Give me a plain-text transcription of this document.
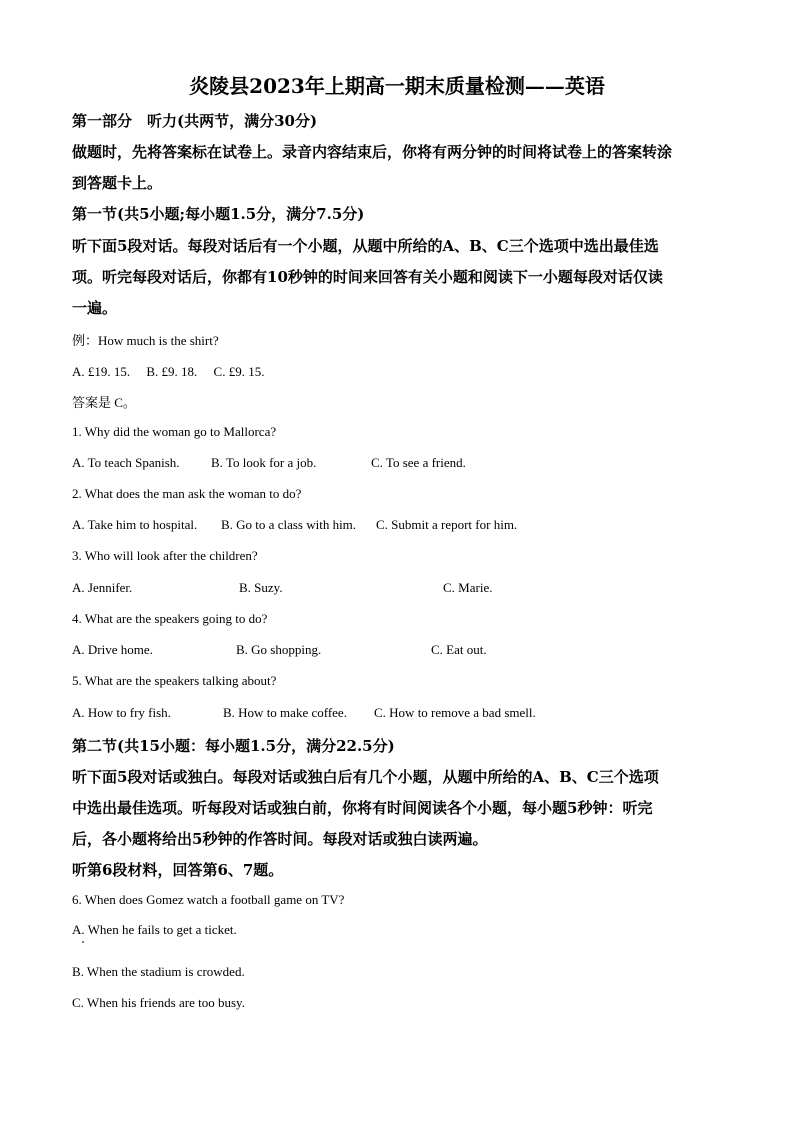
炎陵县2023年上期高一期末质量检测——英语
第一部分　听力(共两节，满分30分)
做题时，先将答案标在试卷上。录音内容结束后，你将有两分钟的时间将试卷上的答案转涂
到答题卡上。
第一节(共5小题;每小题1.5分，满分7.5分)
听下面5段对话。每段对话后有一个小题，从题中所给的A、B、C三个选项中选出最佳选
项。听完每段对话后，你都有10秒钟的时间来回答有关小题和阅读下一小题每段对话仅读
一遍。
例：How much is the shirt?
A. £19. 15.　 B. £9. 18.　 C. £9. 15.
答案是 C。
1. Why did the woman go to Mallorca?
A. To teach Spanish. B. To look for a job.	C. To see a friend.
2. What does the man ask the woman to do?
A. Take him to hospital. B. Go to a class with him. C. Submit a report for him.
3. Who will look after the children?
A. Jennifer.	B. Suzy.	C. Marie.
4. What are the speakers going to do?
A. Drive home.	B. Go shopping.	C. Eat out.
5. What are the speakers talking about?
A. How to fry fish.	B. How to make coffee. C. How to remove a bad smell.
第二节(共15小题：每小题1.5分，满分22.5分)
听下面5段对话或独白。每段对话或独白后有几个小题，从题中所给的A、B、C三个选项
中选出最佳选项。听每段对话或独白前，你将有时间阅读各个小题，每小题5秒钟：听完
后，各小题将给出5秒钟的作答时间。每段对话或独白读两遍。
听第6段材料，回答第6、7题。
6. When does Gomez watch a football game on TV?
A. When he fails to get a ticket.
B. When the stadium is crowded.
C. When his friends are too busy.
